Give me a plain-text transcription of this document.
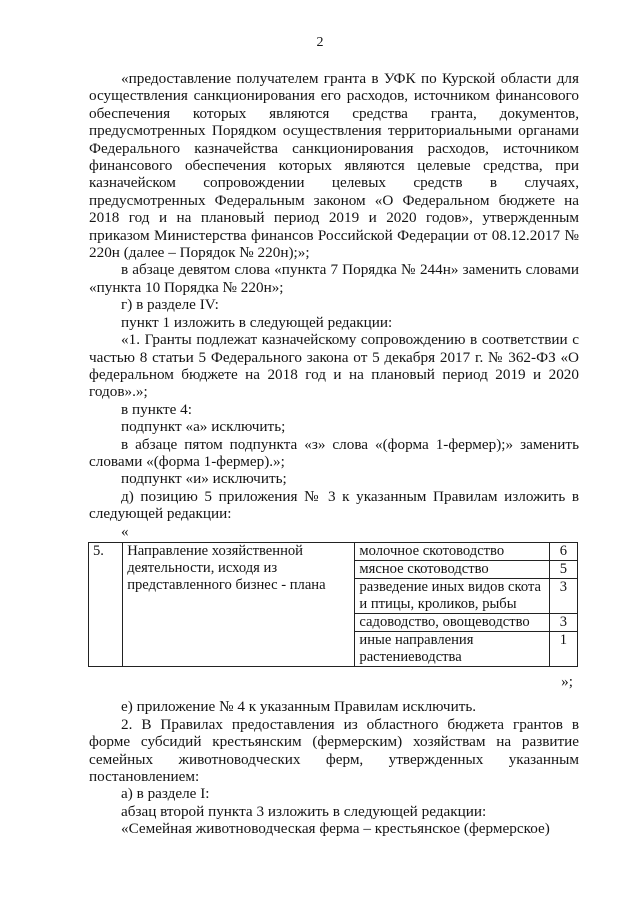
2

«предоставление получателем гранта в УФК по Курской области для осуществления санкционирования его расходов, источником финансового обеспечения которых являются средства гранта, документов, предусмотренных Порядком осуществления территориальными органами Федерального казначейства санкционирования расходов, источником финансового обеспечения которых являются целевые средства, при казначейском сопровождении целевых средств в случаях, предусмотренных Федеральным законом «О Федеральном бюджете на 2018 год и на плановый период 2019 и 2020 годов», утвержденным приказом Министерства финансов Российской Федерации от 08.12.2017 № 220н (далее – Порядок № 220н);»;

в абзаце девятом слова «пункта 7 Порядка № 244н» заменить словами «пункта 10 Порядка № 220н»;

г) в разделе IV:

пункт 1 изложить в следующей редакции:

«1. Гранты подлежат казначейскому сопровождению в соответствии с частью 8 статьи 5 Федерального закона от 5 декабря 2017 г. № 362-ФЗ «О федеральном бюджете на 2018 год и на плановый период 2019 и 2020 годов».»;

в пункте 4:

подпункт «а» исключить;

в абзаце пятом подпункта «з» слова «(форма 1-фермер);» заменить словами «(форма 1-фермер).»;

подпункт «и» исключить;

д) позицию 5 приложения № 3 к указанным Правилам изложить в следующей редакции:

«

5.	Направление хозяйственной деятельности, исходя из представленного бизнес - плана	молочное скотоводство	6
		мясное скотоводство	5
		разведение иных видов скота и птицы, кроликов, рыбы	3
		садоводство, овощеводство	3
		иные направления растениеводства	1
»;

е) приложение № 4 к указанным Правилам исключить.

2. В Правилах предоставления из областного бюджета грантов в форме субсидий крестьянским (фермерским) хозяйствам на развитие семейных животноводческих ферм, утвержденных указанным постановлением:

а) в разделе I:

абзац второй пункта 3 изложить в следующей редакции:

«Семейная животноводческая ферма – крестьянское (фермерское)
